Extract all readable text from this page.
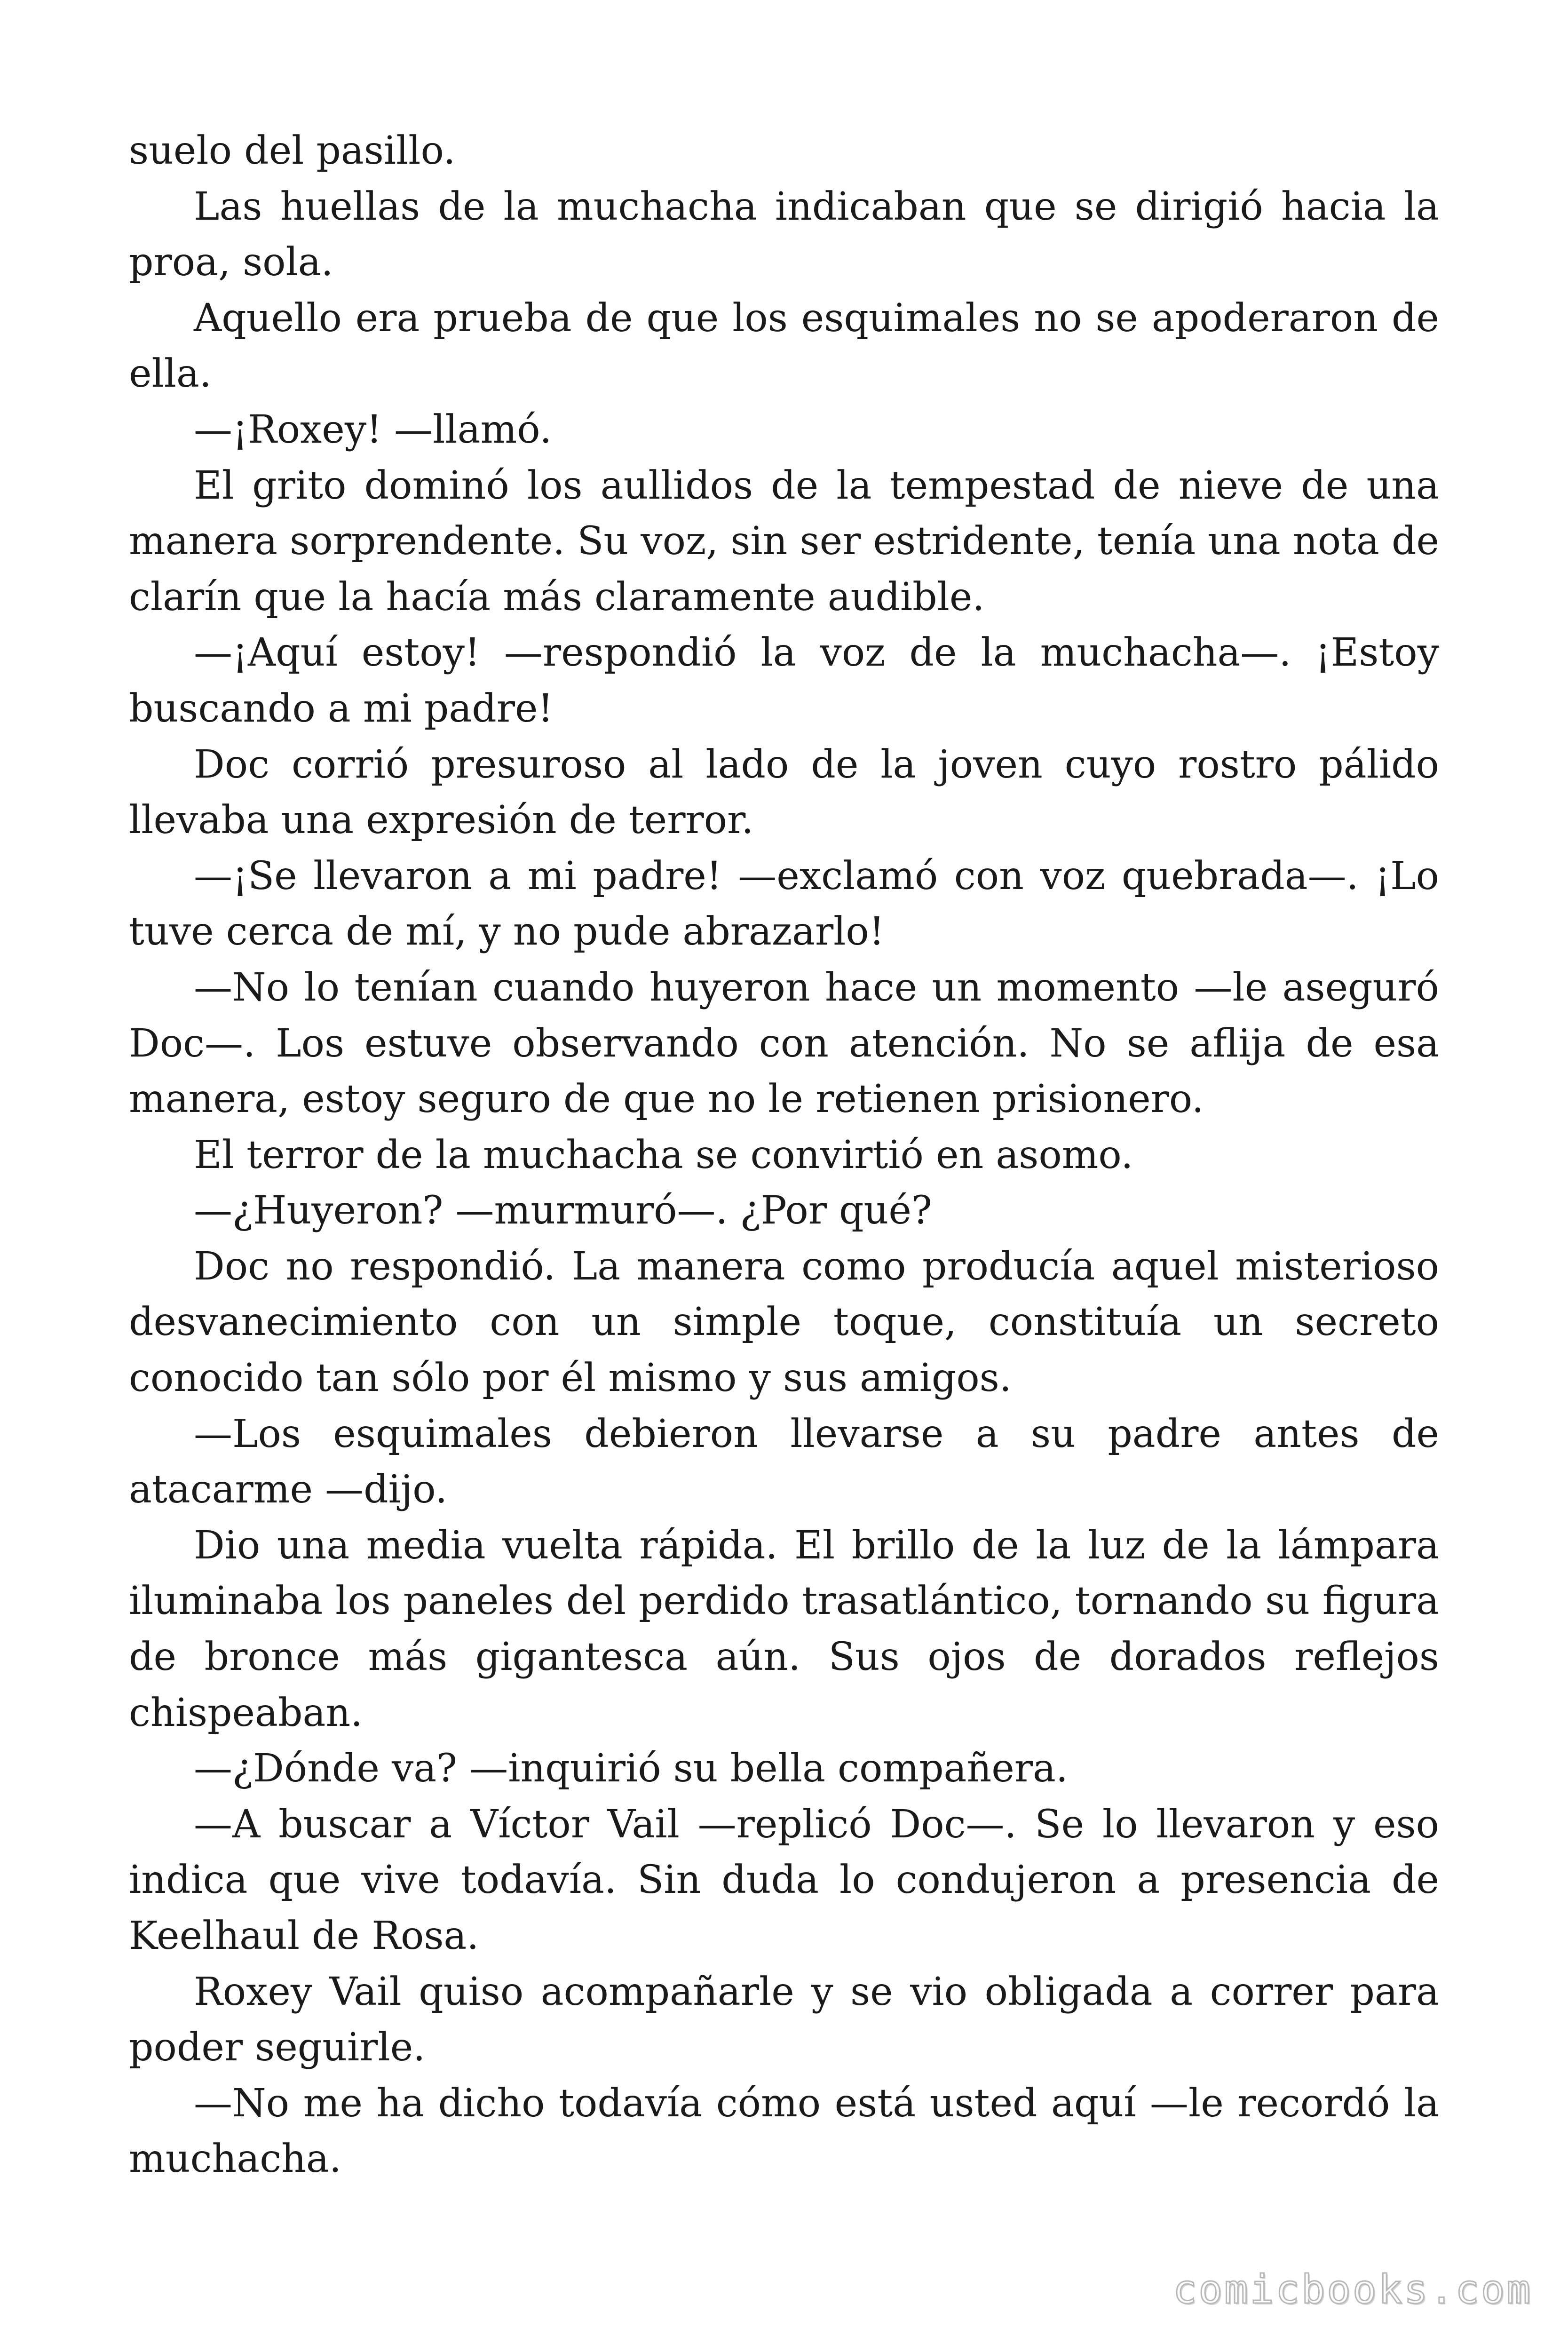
suelo del pasillo.

Las huellas de la muchacha indicaban que se dirigió hacia la proa, sola.

Aquello era prueba de que los esquimales no se apoderaron de ella.

—¡Roxey! —llamó.

El grito dominó los aullidos de la tempestad de nieve de una manera sorprendente. Su voz, sin ser estridente, tenía una nota de clarín que la hacía más claramente audible.

—¡Aquí estoy! —respondió la voz de la muchacha—. ¡Estoy buscando a mi padre!

Doc corrió presuroso al lado de la joven cuyo rostro pálido llevaba una expresión de terror.

—¡Se llevaron a mi padre! —exclamó con voz quebrada—. ¡Lo tuve cerca de mí, y no pude abrazarlo!

—No lo tenían cuando huyeron hace un momento —le aseguró Doc—. Los estuve observando con atención. No se aflija de esa manera, estoy seguro de que no le retienen prisionero.

El terror de la muchacha se convirtió en asomo.

—¿Huyeron? —murmuró—. ¿Por qué?

Doc no respondió. La manera como producía aquel misterioso desvanecimiento con un simple toque, constituía un secreto conocido tan sólo por él mismo y sus amigos.

—Los esquimales debieron llevarse a su padre antes de atacarme —dijo.

Dio una media vuelta rápida. El brillo de la luz de la lámpara iluminaba los paneles del perdido trasatlántico, tornando su figura de bronce más gigantesca aún. Sus ojos de dorados reflejos chispeaban.

—¿Dónde va? —inquirió su bella compañera.

—A buscar a Víctor Vail —replicó Doc—. Se lo llevaron y eso indica que vive todavía. Sin duda lo condujeron a presencia de Keelhaul de Rosa.

Roxey Vail quiso acompañarle y se vio obligada a correr para poder seguirle.

—No me ha dicho todavía cómo está usted aquí —le recordó la muchacha.

comicbooks.com
